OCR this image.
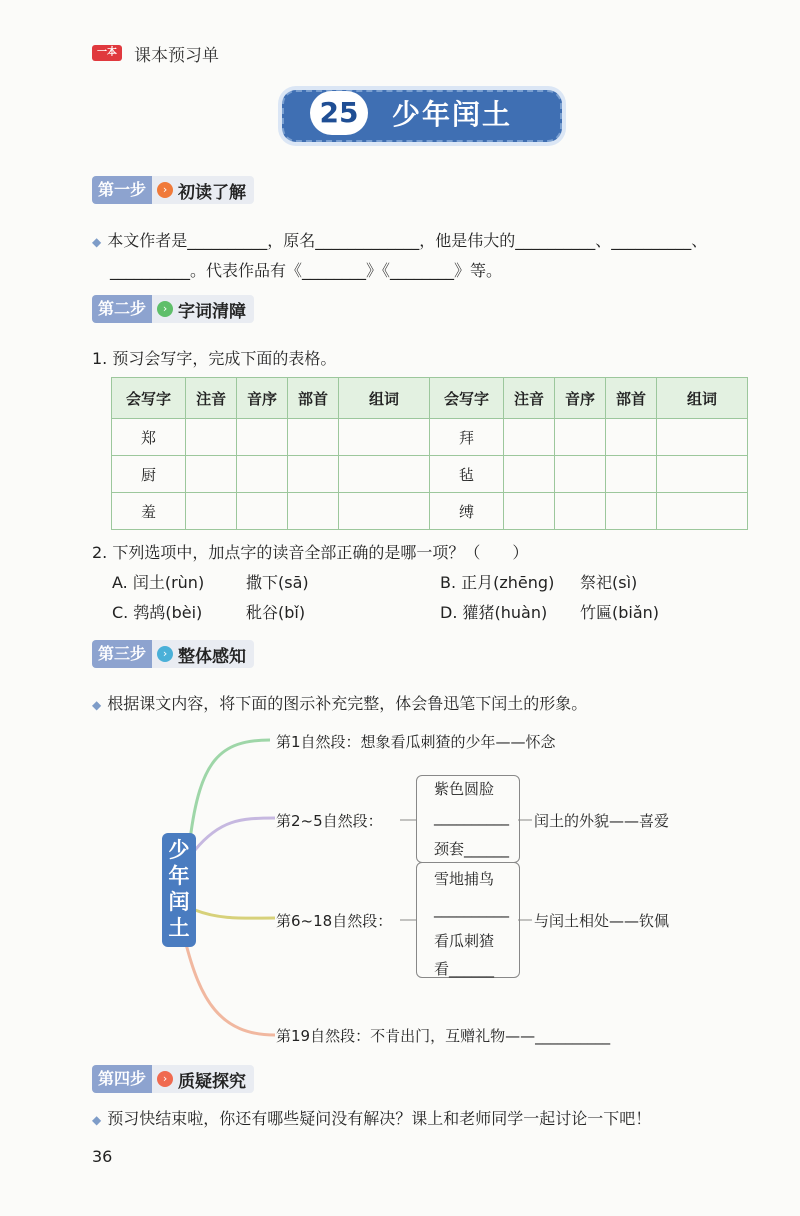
一本 课本预习单
25	少年闰土
第一步	› 初读了解
◆ 本文作者是__________，原名_____________，他是伟大的__________、__________、
__________。代表作品有《________》《________》等。
第二步	› 字词清障
1. 预习会写字，完成下面的表格。
会写字	注音	音序	部首	组词	会写字	注音	音序	部首	组词
郑					拜				
厨					毡				
羞					缚				
2. 下列选项中，加点字的读音全部正确的是哪一项？（　　）
A. 闰土(rùn)	撒下(sā)	B. 正月(zhēng) 祭祀(sì)
C. 鹁鸪(bèi)	秕谷(bǐ)	D. 獾猪(huàn) 竹匾(biǎn)
第三步	› 整体感知
◆ 根据课文内容，将下面的图示补充完整，体会鲁迅笔下闰土的形象。
少年闰土
第1自然段：想象看瓜刺猹的少年——怀念
第2~5自然段：
紫色圆脸
__________
颈套______
闰土的外貌——喜爱
第6~18自然段：
雪地捕鸟
__________
看瓜刺猹
看______
与闰土相处——钦佩
第19自然段：不肯出门，互赠礼物——__________
第四步	› 质疑探究
◆ 预习快结束啦，你还有哪些疑问没有解决？课上和老师同学一起讨论一下吧！
36
